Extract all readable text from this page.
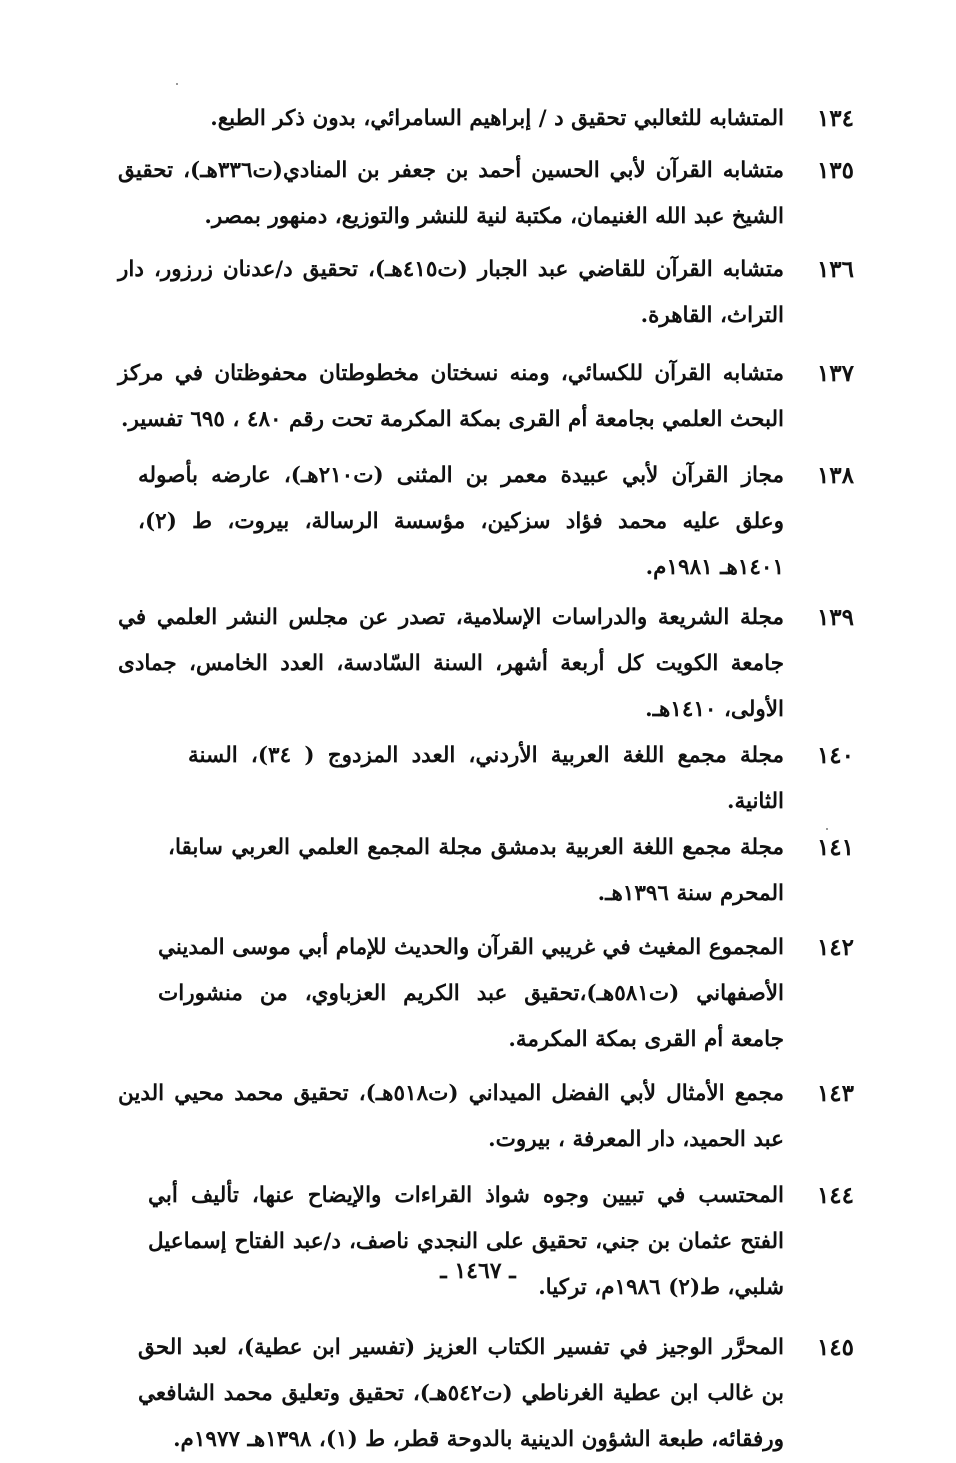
١٣٤
المتشابه للثعالبي تحقيق د / إبراهيم السامرائي، بدون ذكر الطبع.
١٣٥
متشابه القرآن لأبي الحسين أحمد بن جعفر بن المنادي(ت٣٣٦هـ)، تحقيق الشيخ عبد الله الغنيمان، مكتبة لنية للنشر والتوزيع، دمنهور بمصر.
١٣٦
متشابه القرآن للقاضي عبد الجبار (ت٤١٥هـ)، تحقيق د/عدنان زرزور، دار التراث، القاهرة.
١٣٧
متشابه القرآن للكسائي، ومنه نسختان مخطوطتان محفوظتان في مركز البحث العلمي بجامعة أم القرى بمكة المكرمة تحت رقم ٤٨٠ ، ٦٩٥ تفسير.
١٣٨
مجاز القرآن لأبي عبيدة معمر بن المثنى (ت٢١٠هـ)، عارضه بأصوله وعلق عليه محمد فؤاد سزكين، مؤسسة الرسالة، بيروت، ط (٢)، ١٤٠١هـ ١٩٨١م.
١٣٩
مجلة الشريعة والدراسات الإسلامية، تصدر عن مجلس النشر العلمي في جامعة الكويت كل أربعة أشهر، السنة السّادسة، العدد الخامس، جمادى الأولى، ١٤١٠هـ.
١٤٠
مجلة مجمع اللغة العربية الأردني، العدد المزدوج ( ٣٤)، السنة الثانية.
١٤١
مجلة مجمع اللغة العربية بدمشق مجلة المجمع العلمي العربي سابقا، المحرم سنة ١٣٩٦هـ.
١٤٢
المجموع المغيث في غريبي القرآن والحديث للإمام أبي موسى المديني الأصفهاني (ت٥٨١هـ)،تحقيق عبد الكريم العزباوي، من منشورات جامعة أم القرى بمكة المكرمة.
١٤٣
مجمع الأمثال لأبي الفضل الميداني (ت٥١٨هـ)، تحقيق محمد محيي الدين عبد الحميد، دار المعرفة ، بيروت.
١٤٤
المحتسب في تبيين وجوه شواذ القراءات والإيضاح عنها، تأليف أبي الفتح عثمان بن جني، تحقيق على النجدي ناصف، د/عبد الفتاح إسماعيل شلبي، ط(٢) ١٩٨٦م، تركيا.
١٤٥
المحرَّر الوجيز في تفسير الكتاب العزيز (تفسير ابن عطية)، لعبد الحق بن غالب ابن عطية الغرناطي (ت٥٤٢هـ)، تحقيق وتعليق محمد الشافعي ورفقائه، طبعة الشؤون الدينية بالدوحة قطر، ط (١)، ١٣٩٨هـ ١٩٧٧م.
ـ ١٤٦٧ ـ
